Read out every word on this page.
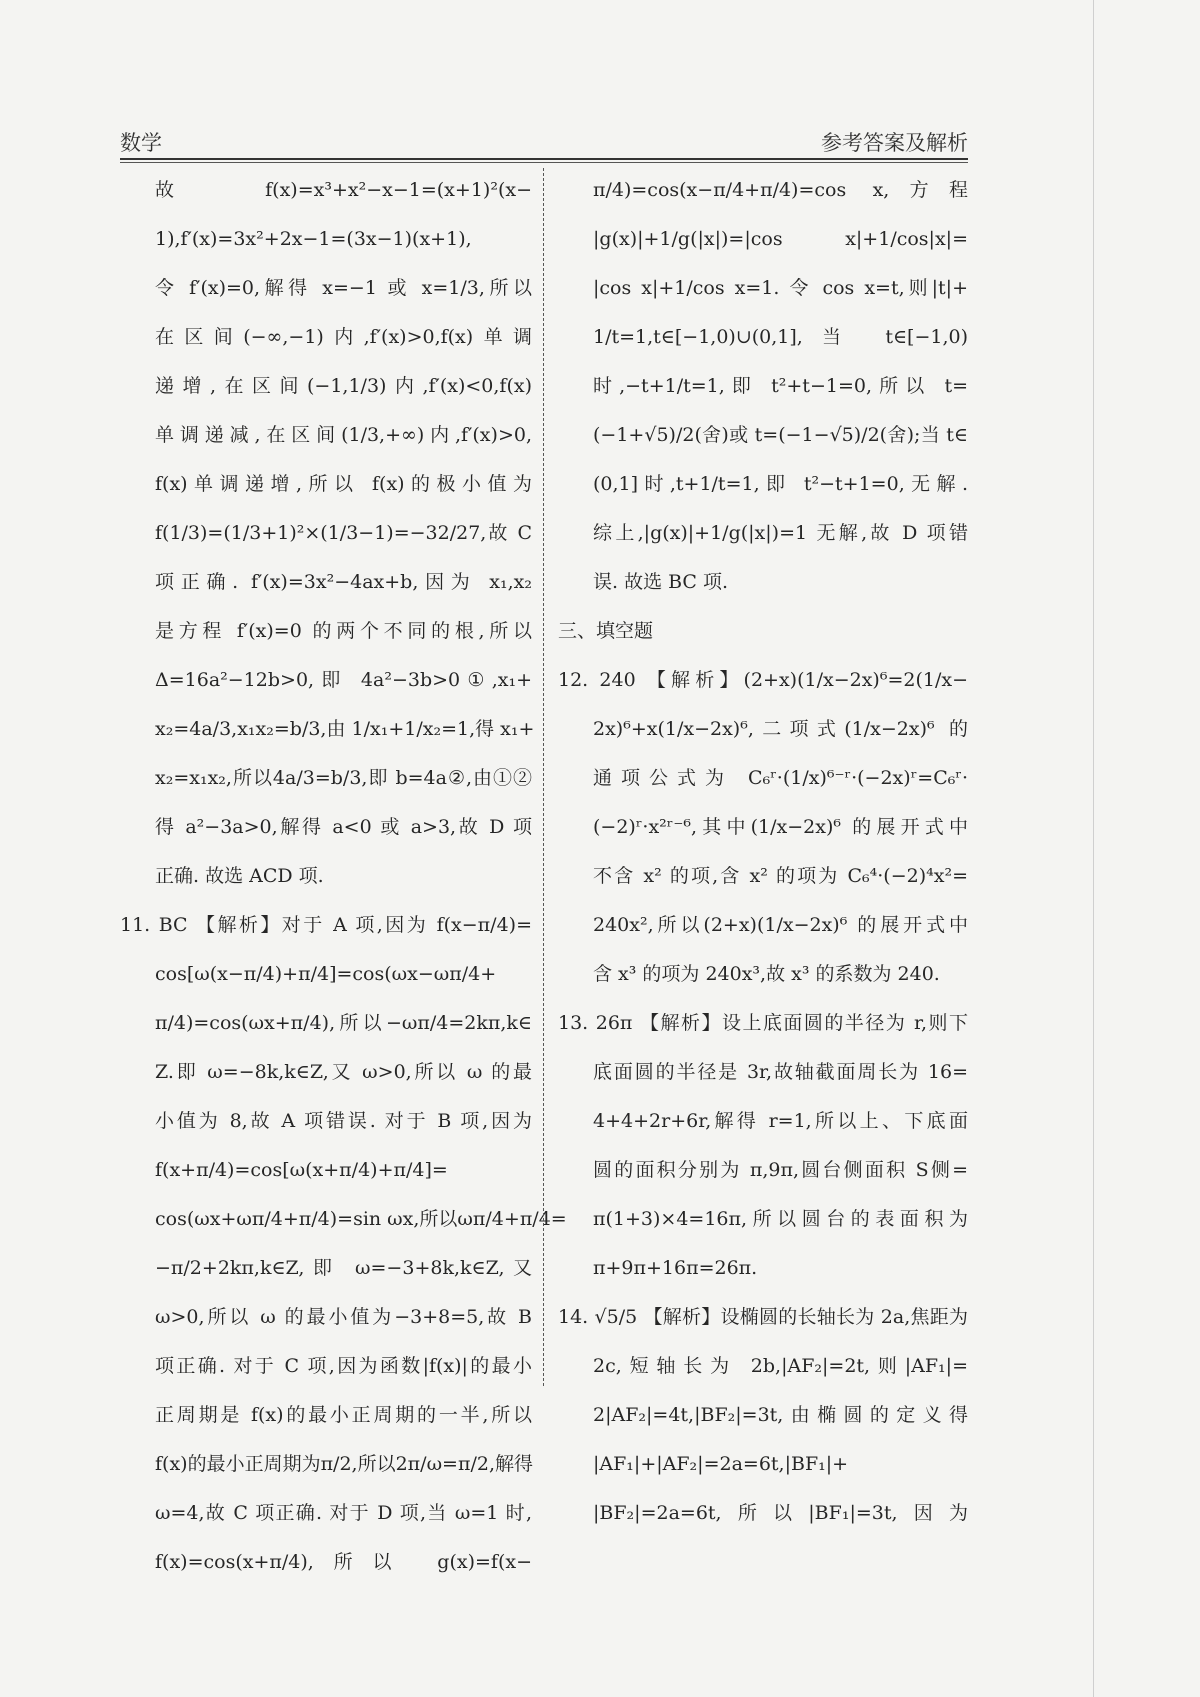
数学	参考答案及解析
故 f(x)=x³+x²−x−1=(x+1)²(x−
1),f′(x)=3x²+2x−1=(3x−1)(x+1),
令 f′(x)=0,解得 x=−1 或 x=1/3,所以
在区间(−∞,−1)内,f′(x)>0,f(x)单调
递增,在区间(−1,1/3)内,f′(x)<0,f(x)
单调递减,在区间(1/3,+∞)内,f′(x)>0,
f(x)单调递增,所以 f(x)的极小值为
f(1/3)=(1/3+1)²×(1/3−1)=−32/27,故 C
项正确. f′(x)=3x²−4ax+b,因为 x₁,x₂
是方程 f′(x)=0 的两个不同的根,所以
Δ=16a²−12b>0,即 4a²−3b>0①,x₁+
x₂=4a/3,x₁x₂=b/3,由 1/x₁+1/x₂=1,得 x₁+
x₂=x₁x₂,所以4a/3=b/3,即 b=4a②,由①②
得 a²−3a>0,解得 a<0 或 a>3,故 D 项
正确. 故选 ACD 项.
11. BC 【解析】对于 A 项,因为 f(x−π/4)=
cos[ω(x−π/4)+π/4]=cos(ωx−ωπ/4+
π/4)=cos(ωx+π/4),所以−ωπ/4=2kπ,k∈
Z.即 ω=−8k,k∈Z,又 ω>0,所以 ω 的最
小值为 8,故 A 项错误. 对于 B 项,因为
f(x+π/4)=cos[ω(x+π/4)+π/4]=
cos(ωx+ωπ/4+π/4)=sin ωx,所以ωπ/4+π/4=
−π/2+2kπ,k∈Z,即 ω=−3+8k,k∈Z,又
ω>0,所以 ω 的最小值为−3+8=5,故 B
项正确. 对于 C 项,因为函数|f(x)|的最小
正周期是 f(x)的最小正周期的一半,所以
f(x)的最小正周期为π/2,所以2π/ω=π/2,解得
ω=4,故 C 项正确. 对于 D 项,当 ω=1 时,
f(x)=cos(x+π/4),所以 g(x)=f(x−
π/4)=cos(x−π/4+π/4)=cos x,方程
|g(x)|+1/g(|x|)=|cos x|+1/cos|x|=
|cos x|+1/cos x=1. 令 cos x=t,则|t|+
1/t=1,t∈[−1,0)∪(0,1],当 t∈[−1,0)
时,−t+1/t=1,即 t²+t−1=0,所以 t=
(−1+√5)/2(舍)或 t=(−1−√5)/2(舍);当 t∈
(0,1]时,t+1/t=1,即 t²−t+1=0,无解.
综上,|g(x)|+1/g(|x|)=1 无解,故 D 项错
误. 故选 BC 项.
三、填空题
12. 240 【解析】(2+x)(1/x−2x)⁶=2(1/x−
2x)⁶+x(1/x−2x)⁶,二项式(1/x−2x)⁶ 的
通项公式为 C₆ʳ·(1/x)⁶⁻ʳ·(−2x)ʳ=C₆ʳ·
(−2)ʳ·x²ʳ⁻⁶,其中(1/x−2x)⁶ 的展开式中
不含 x² 的项,含 x² 的项为 C₆⁴·(−2)⁴x²=
240x²,所以(2+x)(1/x−2x)⁶ 的展开式中
含 x³ 的项为 240x³,故 x³ 的系数为 240.
13. 26π 【解析】设上底面圆的半径为 r,则下
底面圆的半径是 3r,故轴截面周长为 16=
4+4+2r+6r,解得 r=1,所以上、下底面
圆的面积分别为 π,9π,圆台侧面积 S侧=
π(1+3)×4=16π,所以圆台的表面积为
π+9π+16π=26π.
14. √5/5 【解析】设椭圆的长轴长为 2a,焦距为
2c,短轴长为 2b,|AF₂|=2t,则|AF₁|=
2|AF₂|=4t,|BF₂|=3t,由椭圆的定义得
|AF₁|+|AF₂|=2a=6t,|BF₁|+
|BF₂|=2a=6t,所以|BF₁|=3t,因为
